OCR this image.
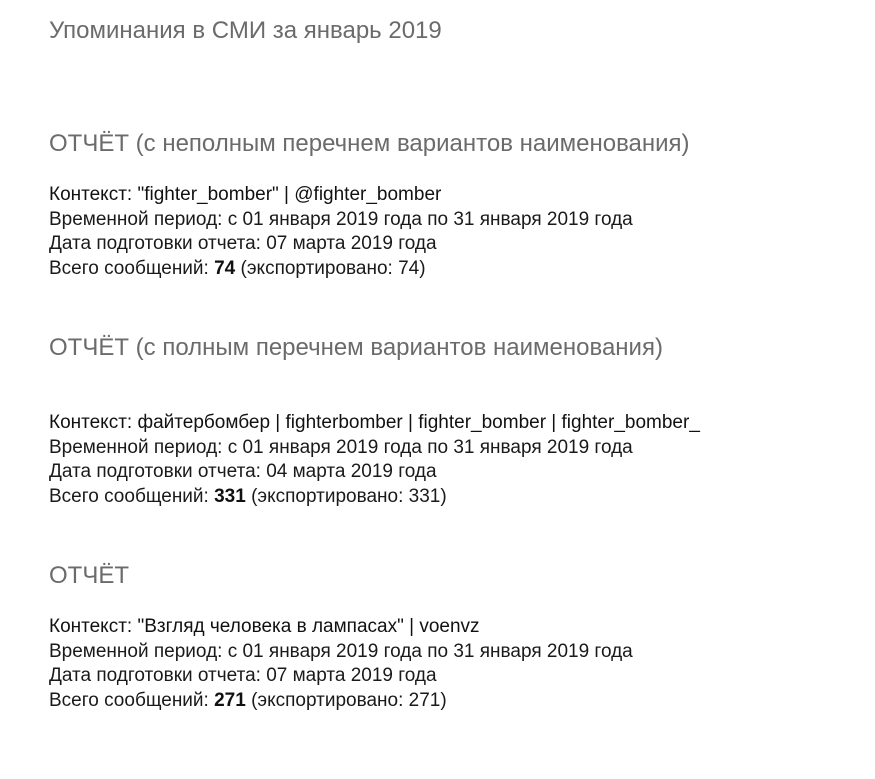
Упоминания в СМИ за январь 2019
ОТЧЁТ (с неполным перечнем вариантов наименования)
Контекст: "fighter_bomber" | @fighter_bomber
Временной период: с 01 января 2019 года по 31 января 2019 года
Дата подготовки отчета: 07 марта 2019 года
Всего сообщений: 74 (экспортировано: 74)
ОТЧЁТ (с полным перечнем вариантов наименования)
Контекст: файтербомбер | fighterbomber | fighter_bomber | fighter_bomber_
Временной период: с 01 января 2019 года по 31 января 2019 года
Дата подготовки отчета: 04 марта 2019 года
Всего сообщений: 331 (экспортировано: 331)
ОТЧЁТ
Контекст: "Взгляд человека в лампасах" | voenvz
Временной период: с 01 января 2019 года по 31 января 2019 года
Дата подготовки отчета: 07 марта 2019 года
Всего сообщений: 271 (экспортировано: 271)
